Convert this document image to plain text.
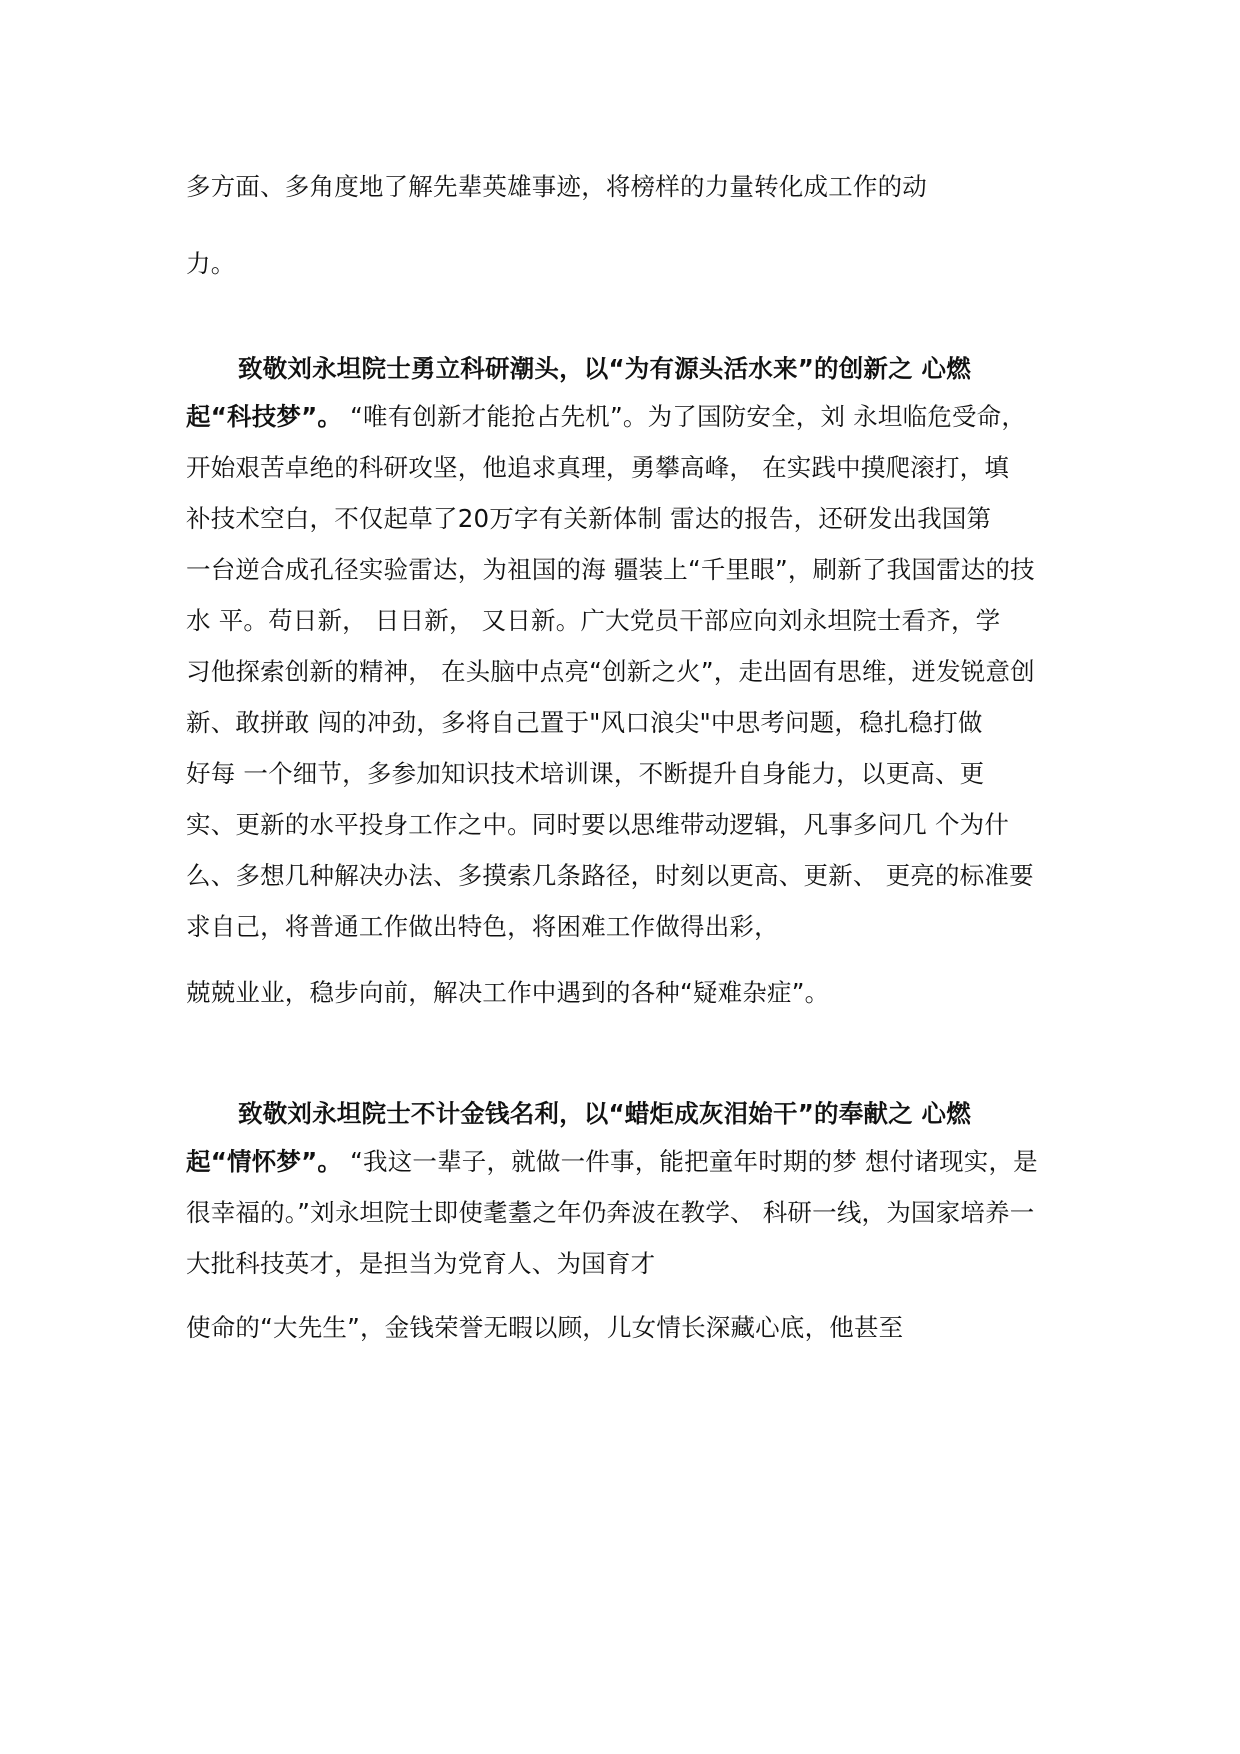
多方面、多角度地了解先辈英雄事迹，将榜样的力量转化成工作的动
力。
致敬刘永坦院士勇立科研潮头，以“为有源头活水来”的创新之 心燃
起“科技梦”。 “唯有创新才能抢占先机”。为了国防安全，刘 永坦临危受命，
开始艰苦卓绝的科研攻坚，他追求真理，勇攀高峰， 在实践中摸爬滚打，填
补技术空白，不仅起草了20万字有关新体制 雷达的报告，还研发出我国第
一台逆合成孔径实验雷达，为祖国的海 疆装上“千里眼”，刷新了我国雷达的技
水 平。苟日新， 日日新， 又日新。广大党员干部应向刘永坦院士看齐，学
习他探索创新的精神， 在头脑中点亮“创新之火”，走出固有思维，迸发锐意创
新、敢拼敢 闯的冲劲，多将自己置于"风口浪尖"中思考问题，稳扎稳打做
好每 一个细节，多参加知识技术培训课，不断提升自身能力，以更高、更
实、更新的水平投身工作之中。同时要以思维带动逻辑，凡事多问几 个为什
么、多想几种解决办法、多摸索几条路径，时刻以更高、更新、 更亮的标准要
求自己，将普通工作做出特色，将困难工作做得出彩，
兢兢业业，稳步向前，解决工作中遇到的各种“疑难杂症”。
致敬刘永坦院士不计金钱名利，以“蜡炬成灰泪始干”的奉献之 心燃
起“情怀梦”。 “我这一辈子，就做一件事，能把童年时期的梦 想付诸现实，是
很幸福的。”刘永坦院士即使耄耋之年仍奔波在教学、 科研一线，为国家培养一
大批科技英才，是担当为党育人、为国育才
使命的“大先生”，金钱荣誉无暇以顾，儿女情长深藏心底，他甚至
